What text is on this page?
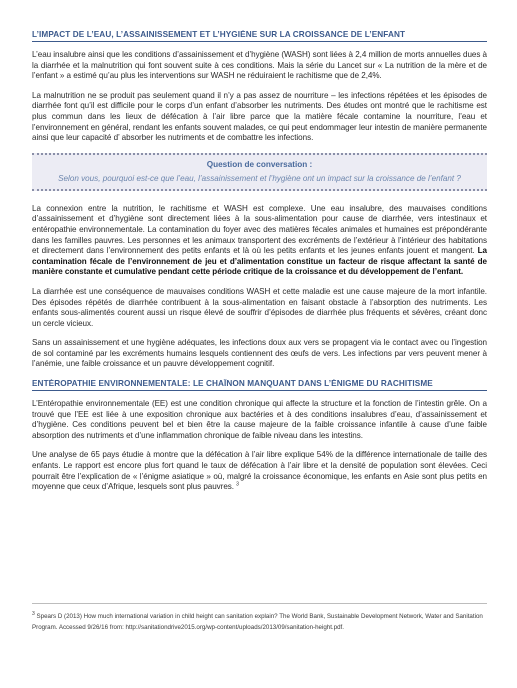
L’IMPACT DE L’EAU, L’ASSAINISSEMENT ET L’HYGIÈNE SUR LA CROISSANCE DE L’ENFANT

L’eau insalubre ainsi que les conditions d’assainissement et d’hygiène (WASH) sont liées à 2,4 million de morts annuelles dues à la diarrhée et la malnutrition qui font souvent suite à ces conditions. Mais la série du Lancet sur « La nutrition de la mère et de l’enfant » a estimé qu’au plus les interventions sur WASH ne réduiraient le rachitisme que de 2,4%.

La malnutrition ne se produit pas seulement quand il n’y a pas assez de nourriture – les infections répétées et les épisodes de diarrhée font qu’il est difficile pour le corps d’un enfant d’absorber les nutriments. Des études ont montré que le rachitisme est plus commun dans les lieux de défécation à l’air libre parce que la matière fécale contamine la nourriture, l’eau et l’environnement en général, rendant les enfants souvent malades, ce qui peut endommager leur intestin de manière permanente ainsi que leur capacité d’ absorber les nutriments et de combattre les infections.

Question de conversation :
Selon vous, pourquoi est-ce que l’eau, l’assainissement et l’hygiène ont un impact sur la croissance de l’enfant ?

La connexion entre la nutrition, le rachitisme et WASH est complexe. Une eau insalubre, des mauvaises conditions d’assainissement et d’hygiène sont directement liées à la sous-alimentation pour cause de diarrhée, vers intestinaux et entéropathie environnementale. La contamination du foyer avec des matières fécales animales et humaines est prépondérante dans les familles pauvres. Les personnes et les animaux transportent des excréments de l’extérieur à l’intérieur des habitations et directement dans l’environnement des petits enfants et là où les petits enfants et les jeunes enfants jouent et mangent. La contamination fécale de l’environnement de jeu et d’alimentation constitue un facteur de risque affectant la santé de manière constante et cumulative pendant cette période critique de la croissance et du développement de l’enfant.

La diarrhée est une conséquence de mauvaises conditions WASH et cette maladie est une cause majeure de la mort infantile. Des épisodes répétés de diarrhée contribuent à la sous-alimentation en faisant obstacle à l’absorption des nutriments. Les enfants sous-alimentés courent aussi un risque élevé de souffrir d’épisodes de diarrhée plus fréquents et sévères, créant donc un cercle vicieux.

Sans un assainissement et une hygiène adéquates, les infections doux aux vers se propagent via le contact avec ou l’ingestion de sol contaminé par les excréments humains lesquels contiennent des œufs de vers. Les infections par vers peuvent mener à l’anémie, une faible croissance et un pauvre développement cognitif.

ENTÉROPATHIE ENVIRONNEMENTALE: LE CHAÎNON MANQUANT DANS L’ÉNIGME DU RACHITISME

L’Entéropathie environnementale (EE) est une condition chronique qui affecte la structure et la fonction de l’intestin grêle. On a trouvé que l’EE est liée à une exposition chronique aux bactéries et à des conditions insalubres d’eau, d’assainissement et d’hygiène. Ces conditions peuvent bel et bien être la cause majeure de la faible croissance infantile à cause d’une faible absorption des nutriments et d’une inflammation chronique de faible niveau dans les intestins.

Une analyse de 65 pays étudie à montre que la défécation à l’air libre explique 54% de la différence internationale de taille des enfants. Le rapport est encore plus fort quand le taux de défécation à l’air libre et la densité de population sont élevées. Ceci pourrait être l’explication de « l’énigme asiatique » où, malgré la croissance économique, les enfants en Asie sont plus petits en moyenne que ceux d’Afrique, lesquels sont plus pauvres. $^3$

$^3$ Spears D (2013) How much international variation in child height can sanitation explain? The World Bank, Sustainable Development Network, Water and Sanitation Program. Accessed 9/26/16 from: http://sanitationdrive2015.org/wp-content/uploads/2013/09/sanitation-height.pdf.
